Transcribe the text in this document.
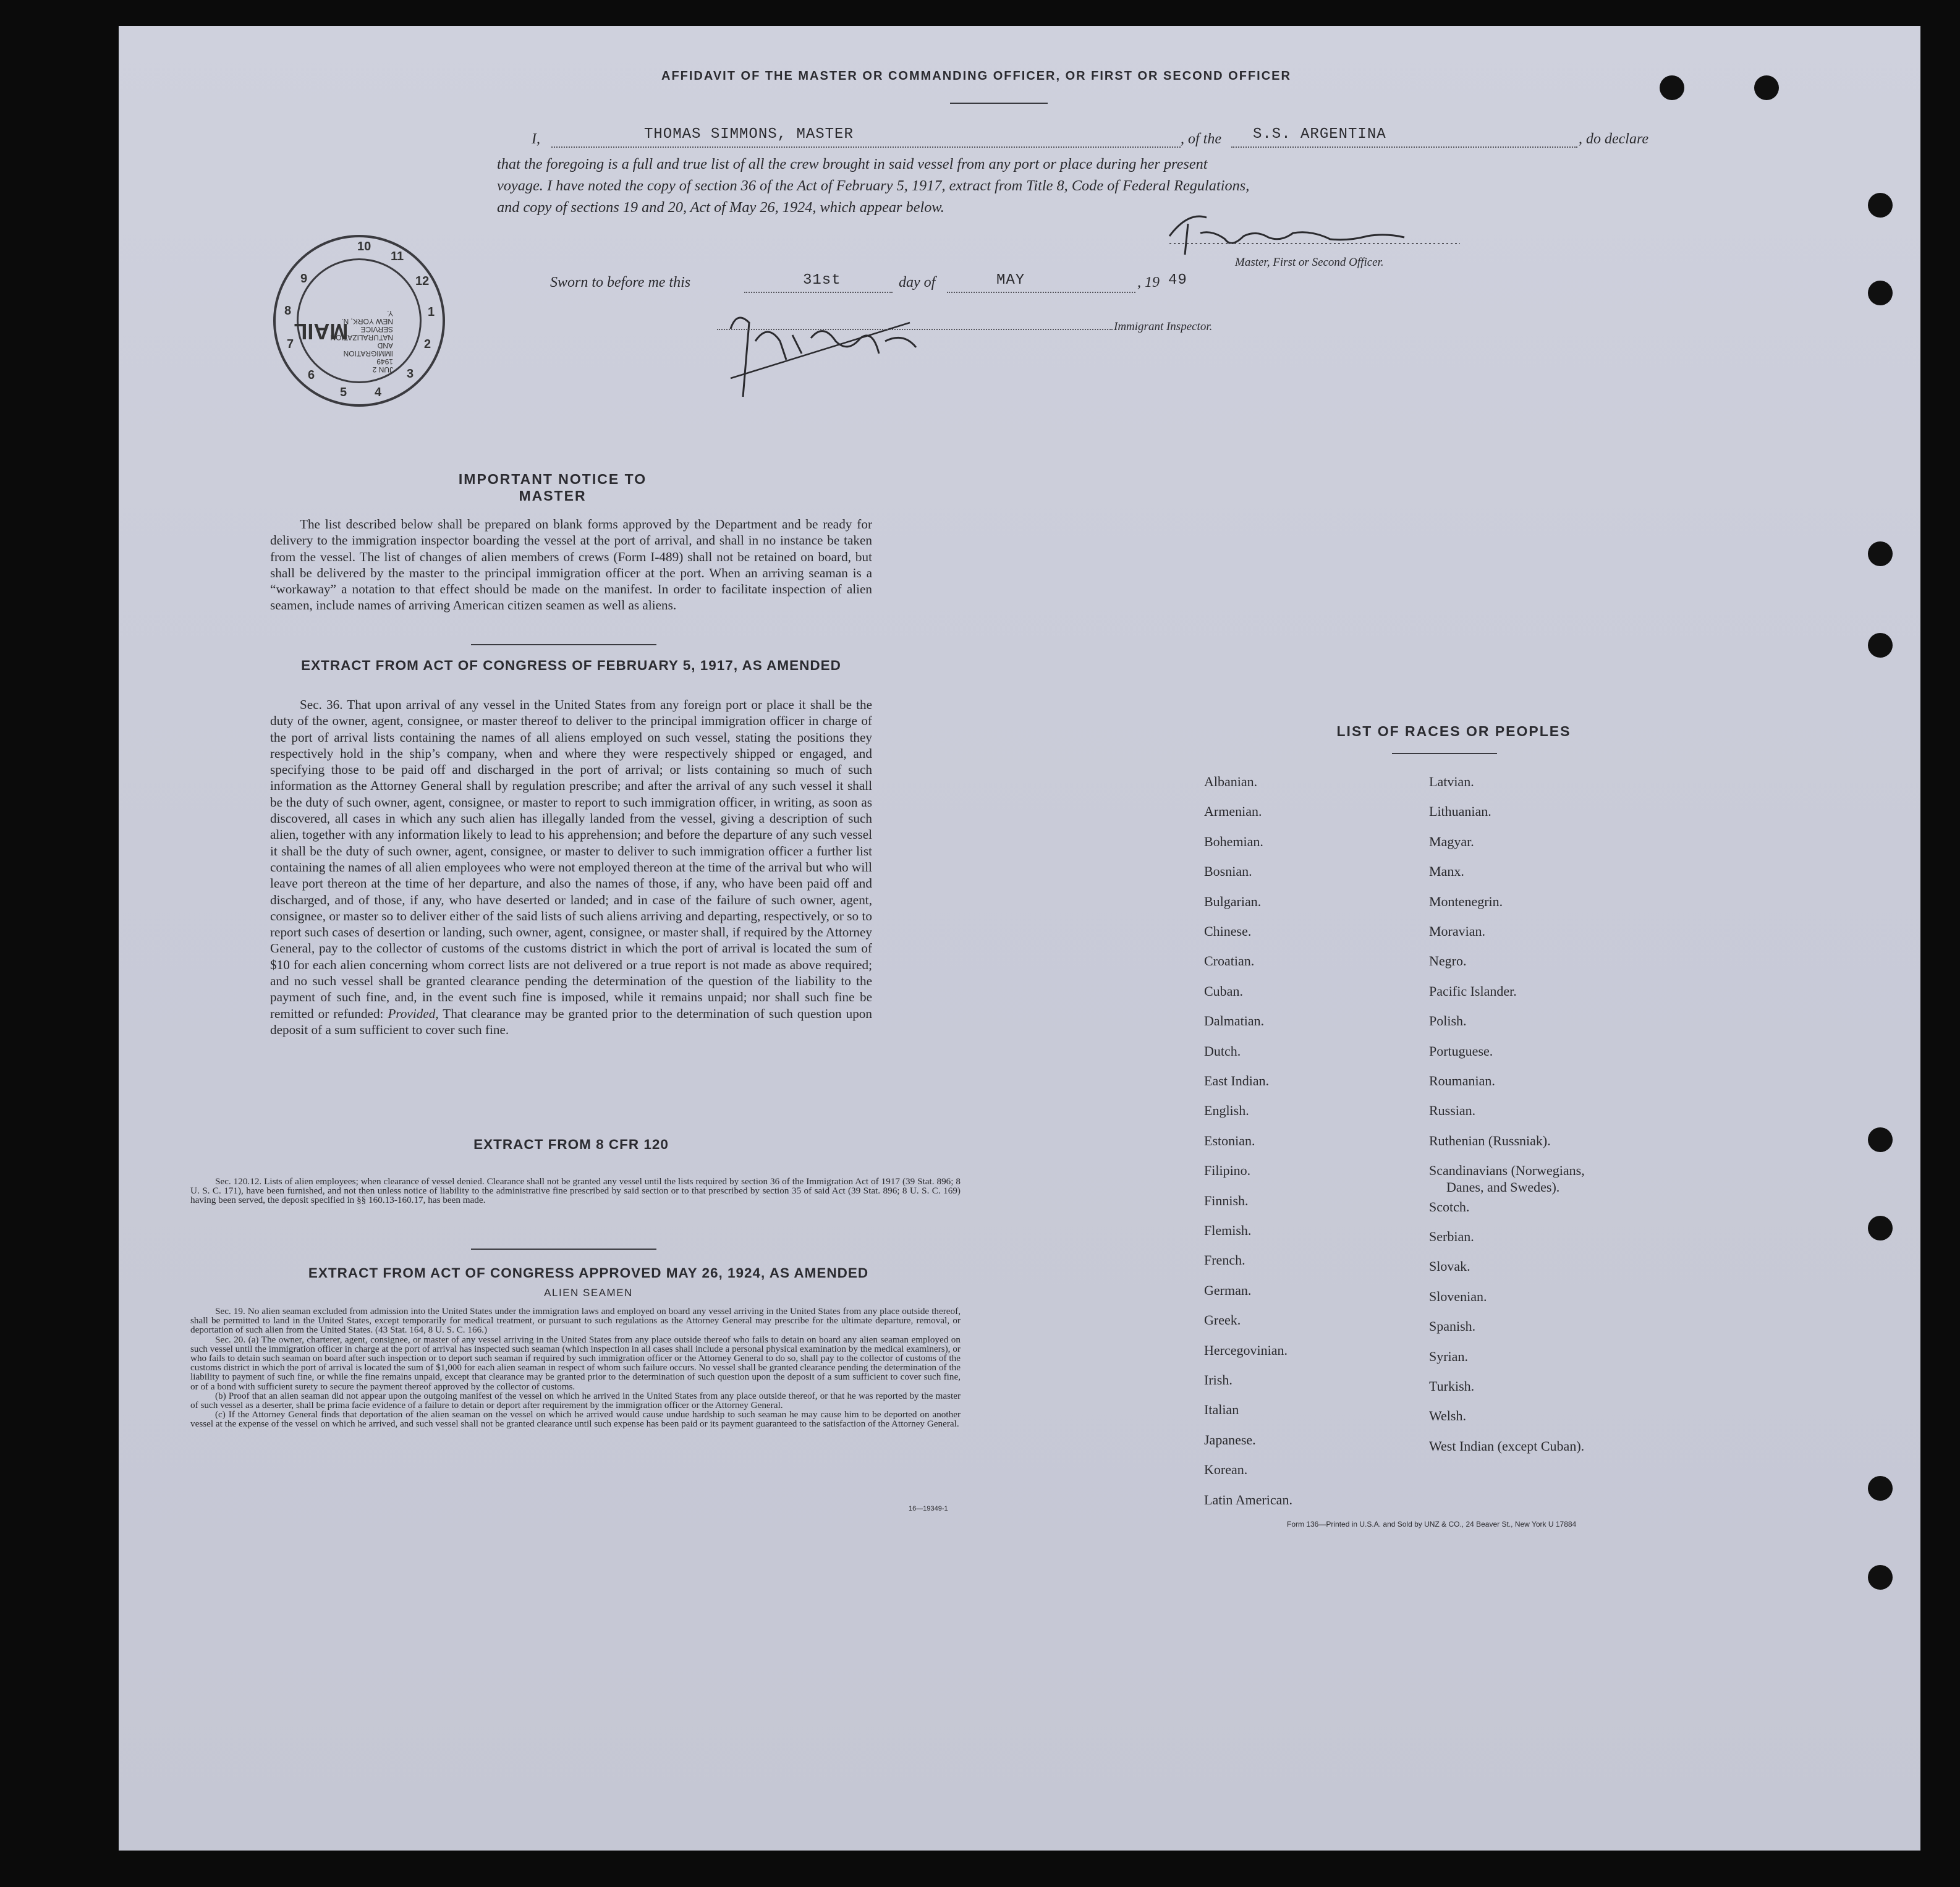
AFFIDAVIT OF THE MASTER OR COMMANDING OFFICER, OR FIRST OR SECOND OFFICER
I,	THOMAS SIMMONS, MASTER	, of the S.S. ARGENTINA	, do declare
that the foregoing is a full and true list of all the crew brought in said vessel from any port or place during her present
voyage. I have noted the copy of section 36 of the Act of February 5, 1917, extract from Title 8, Code of Federal Regulations,
and copy of sections 19 and 20, Act of May 26, 1924, which appear below.
Master, First or Second Officer.
Sworn to before me this	31st	day of	MAY	, 19 49
Immigrant Inspector.
MAIL
JUN 2
1949
IMMIGRATION AND
NATURALIZATION
SERVICE
NEW YORK, N. Y.
10
11
12
1
2
3
4
5
6
7
8
9
IMPORTANT NOTICE TO MASTER

The list described below shall be prepared on blank forms approved by the Department and be ready for delivery to the immigration inspector boarding the vessel at the port of arrival, and shall in no instance be taken from the vessel. The list of changes of alien members of crews (Form I-489) shall not be retained on board, but shall be delivered by the master to the principal immigration officer at the port. When an arriving seaman is a “workaway” a notation to that effect should be made on the manifest. In order to facilitate inspection of alien seamen, include names of arriving American citizen seamen as well as aliens.

EXTRACT FROM ACT OF CONGRESS OF FEBRUARY 5, 1917, AS AMENDED

Sec. 36. That upon arrival of any vessel in the United States from any foreign port or place it shall be the duty of the owner, agent, consignee, or master thereof to deliver to the principal immigration officer in charge of the port of arrival lists containing the names of all aliens employed on such vessel, stating the positions they respectively hold in the ship’s company, when and where they were respectively shipped or engaged, and specifying those to be paid off and discharged in the port of arrival; or lists containing so much of such information as the Attorney General shall by regulation prescribe; and after the arrival of any such vessel it shall be the duty of such owner, agent, consignee, or master to report to such immigration officer, in writing, as soon as discovered, all cases in which any such alien has illegally landed from the vessel, giving a description of such alien, together with any information likely to lead to his apprehension; and before the departure of any such vessel it shall be the duty of such owner, agent, consignee, or master to deliver to such immigration officer a further list containing the names of all alien employees who were not employed thereon at the time of the arrival but who will leave port thereon at the time of her departure, and also the names of those, if any, who have been paid off and discharged, and of those, if any, who have deserted or landed; and in case of the failure of such owner, agent, consignee, or master so to deliver either of the said lists of such aliens arriving and departing, respectively, or so to report such cases of desertion or landing, such owner, agent, consignee, or master shall, if required by the Attorney General, pay to the collector of customs of the customs district in which the port of arrival is located the sum of $10 for each alien concerning whom correct lists are not delivered or a true report is not made as above required; and no such vessel shall be granted clearance pending the determination of the question of the liability to the payment of such fine, and, in the event such fine is imposed, while it remains unpaid; nor shall such fine be remitted or refunded: Provided, That clearance may be granted prior to the determination of such question upon deposit of a sum sufficient to cover such fine.

EXTRACT FROM 8 CFR 120

Sec. 120.12. Lists of alien employees; when clearance of vessel denied. Clearance shall not be granted any vessel until the lists required by section 36 of the Immigration Act of 1917 (39 Stat. 896; 8 U. S. C. 171), have been furnished, and not then unless notice of liability to the administrative fine prescribed by said section or to that prescribed by section 35 of said Act (39 Stat. 896; 8 U. S. C. 169) having been served, the deposit specified in §§ 160.13-160.17, has been made.

EXTRACT FROM ACT OF CONGRESS APPROVED MAY 26, 1924, AS AMENDED
ALIEN SEAMEN

Sec. 19. No alien seaman excluded from admission into the United States under the immigration laws and employed on board any vessel arriving in the United States from any place outside thereof, shall be permitted to land in the United States, except temporarily for medical treatment, or pursuant to such regulations as the Attorney General may prescribe for the ultimate departure, removal, or deportation of such alien from the United States. (43 Stat. 164, 8 U. S. C. 166.)

Sec. 20. (a) The owner, charterer, agent, consignee, or master of any vessel arriving in the United States from any place outside thereof who fails to detain on board any alien seaman employed on such vessel until the immigration officer in charge at the port of arrival has inspected such seaman (which inspection in all cases shall include a personal physical examination by the medical examiners), or who fails to detain such seaman on board after such inspection or to deport such seaman if required by such immigration officer or the Attorney General to do so, shall pay to the collector of customs of the customs district in which the port of arrival is located the sum of $1,000 for each alien seaman in respect of whom such failure occurs. No vessel shall be granted clearance pending the determination of the liability to payment of such fine, or while the fine remains unpaid, except that clearance may be granted prior to the determination of such question upon the deposit of a sum sufficient to cover such fine, or of a bond with sufficient surety to secure the payment thereof approved by the collector of customs.

(b) Proof that an alien seaman did not appear upon the outgoing manifest of the vessel on which he arrived in the United States from any place outside thereof, or that he was reported by the master of such vessel as a deserter, shall be prima facie evidence of a failure to detain or deport after requirement by the immigration officer or the Attorney General.

(c) If the Attorney General finds that deportation of the alien seaman on the vessel on which he arrived would cause undue hardship to such seaman he may cause him to be deported on another vessel at the expense of the vessel on which he arrived, and such vessel shall not be granted clearance until such expense has been paid or its payment guaranteed to the satisfaction of the Attorney General.

16—19349-1
LIST OF RACES OR PEOPLES
Albanian.
Armenian.
Bohemian.
Bosnian.
Bulgarian.
Chinese.
Croatian.
Cuban.
Dalmatian.
Dutch.
East Indian.
English.
Estonian.
Filipino.
Finnish.
Flemish.
French.
German.
Greek.
Hercegovinian.
Irish.
Italian
Japanese.
Korean.
Latin American.
Latvian.
Lithuanian.
Magyar.
Manx.
Montenegrin.
Moravian.
Negro.
Pacific Islander.
Polish.
Portuguese.
Roumanian.
Russian.
Ruthenian (Russniak).
Scandinavians (Norwegians,
Danes, and Swedes).
Scotch.
Serbian.
Slovak.
Slovenian.
Spanish.
Syrian.
Turkish.
Welsh.
West Indian (except Cuban).
Form 136—Printed in U.S.A. and Sold by UNZ & CO., 24 Beaver St., New York U 17884
